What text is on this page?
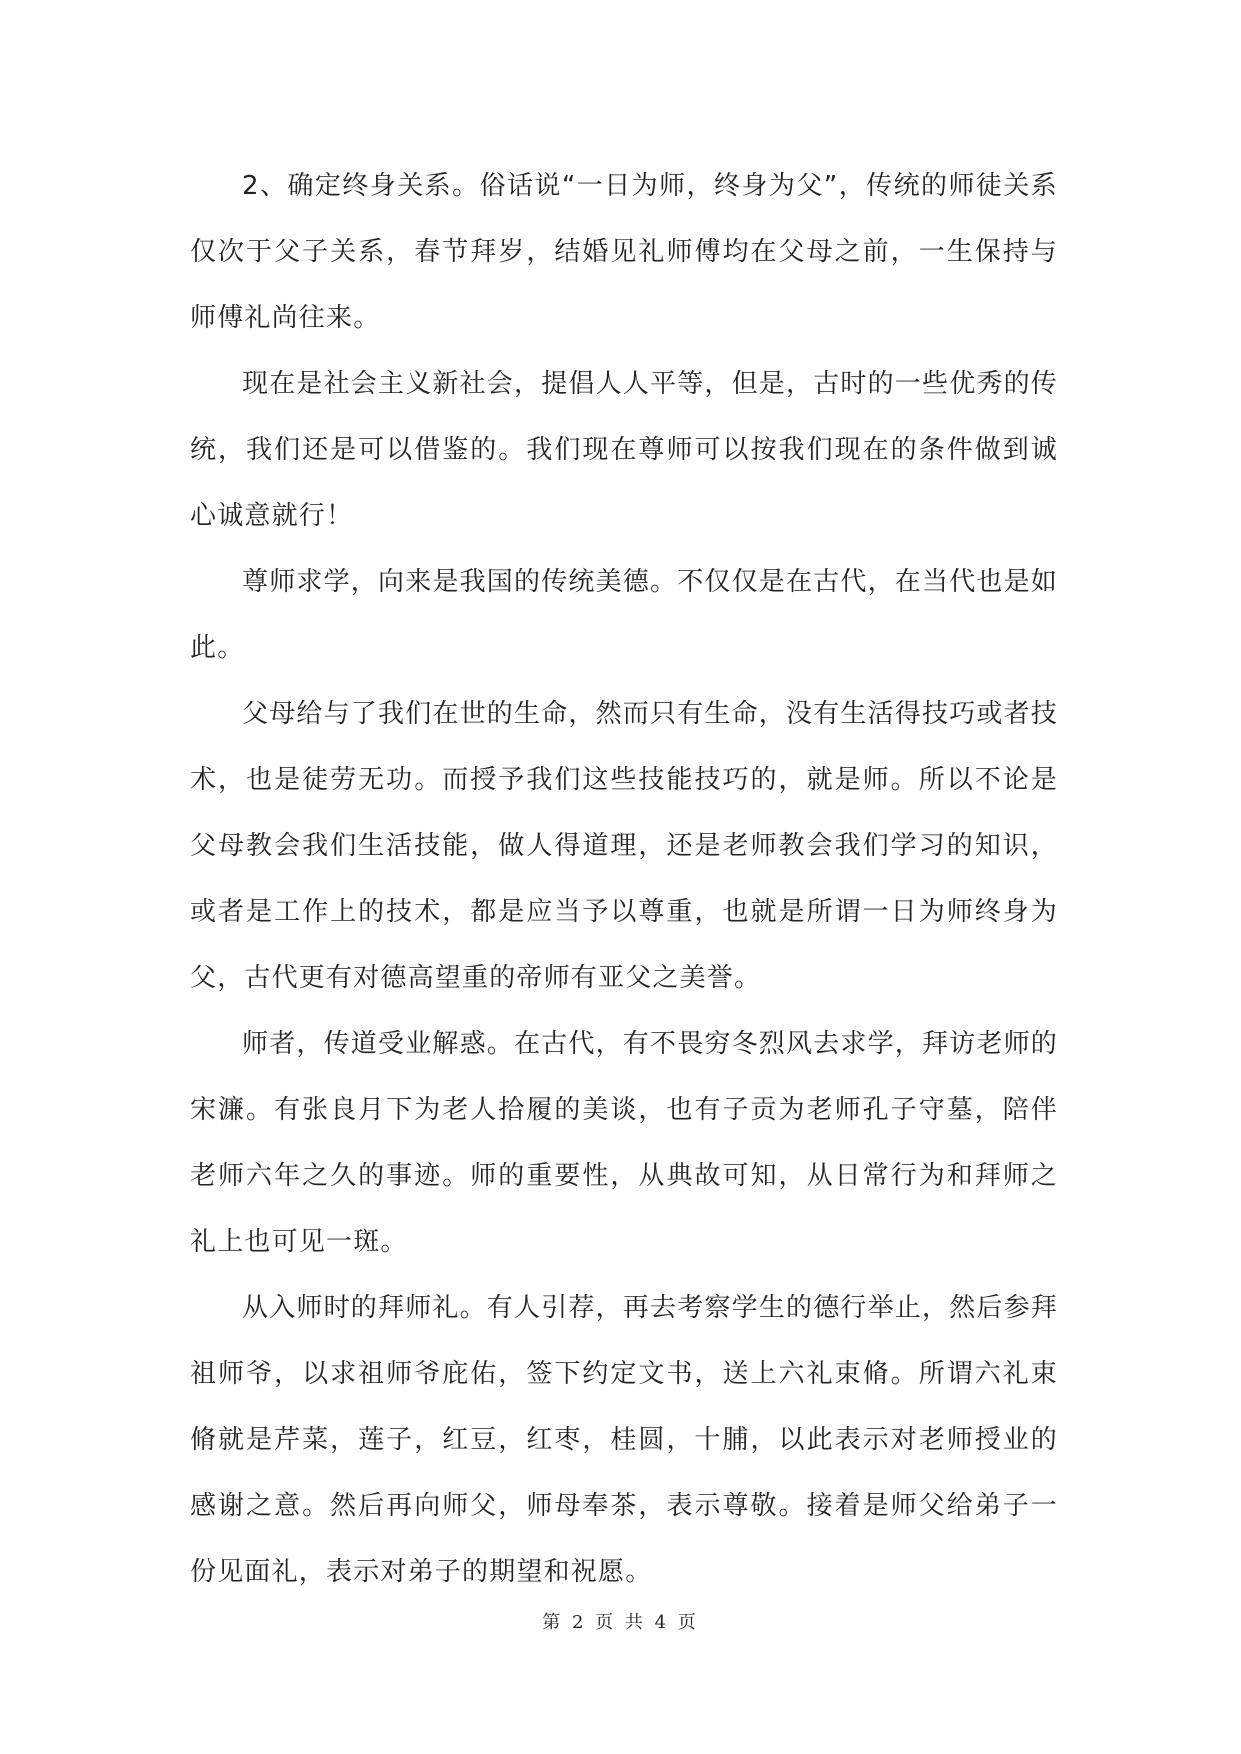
2、确定终身关系。俗话说“一日为师，终身为父”，传统的师徒关系仅次于父子关系，春节拜岁，结婚见礼师傅均在父母之前，一生保持与师傅礼尚往来。

现在是社会主义新社会，提倡人人平等，但是，古时的一些优秀的传统，我们还是可以借鉴的。我们现在尊师可以按我们现在的条件做到诚心诚意就行！

尊师求学，向来是我国的传统美德。不仅仅是在古代，在当代也是如此。

父母给与了我们在世的生命，然而只有生命，没有生活得技巧或者技术，也是徒劳无功。而授予我们这些技能技巧的，就是师。所以不论是父母教会我们生活技能，做人得道理，还是老师教会我们学习的知识，或者是工作上的技术，都是应当予以尊重，也就是所谓一日为师终身为父，古代更有对德高望重的帝师有亚父之美誉。

师者，传道受业解惑。在古代，有不畏穷冬烈风去求学，拜访老师的宋濂。有张良月下为老人拾履的美谈，也有子贡为老师孔子守墓，陪伴老师六年之久的事迹。师的重要性，从典故可知，从日常行为和拜师之礼上也可见一斑。

从入师时的拜师礼。有人引荐，再去考察学生的德行举止，然后参拜祖师爷，以求祖师爷庇佑，签下约定文书，送上六礼束脩。所谓六礼束脩就是芹菜，莲子，红豆，红枣，桂圆，十脯，以此表示对老师授业的感谢之意。然后再向师父，师母奉茶，表示尊敬。接着是师父给弟子一份见面礼，表示对弟子的期望和祝愿。

第 2 页 共 4 页
